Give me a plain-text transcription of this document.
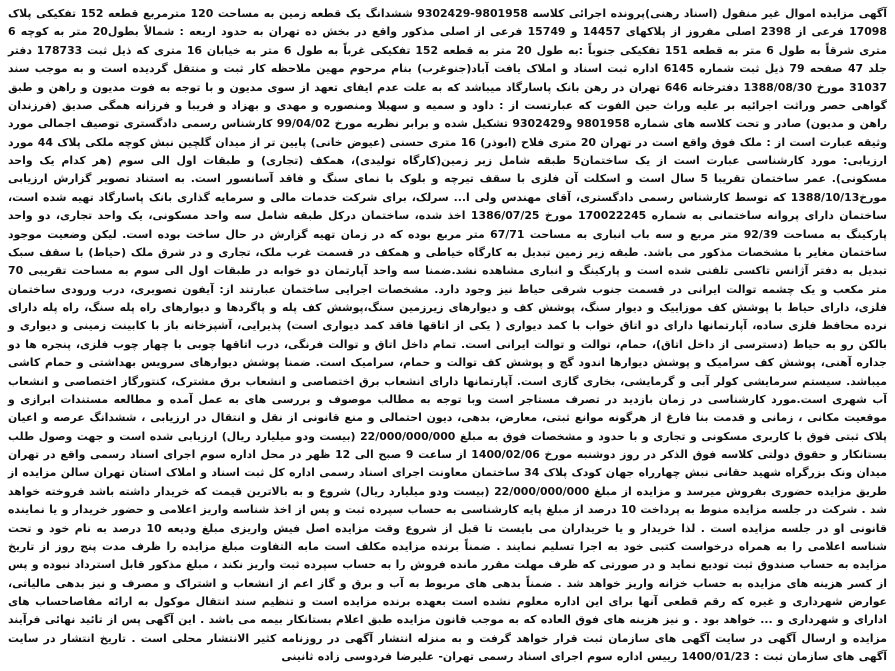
آگهی مزایده اموال غیر منقول (اسناد رهنی)پرونده اجرائی کلاسه 9801958-9302429 ششدانگ یک قطعه زمین به مساحت 120 مترمربع قطعه 152 تفکیکی پلاک 17098 فرعی از 2398 اصلی مفروز از پلاکهای 14457 و 15749 فرعی از اصلی مذکور واقع در بخش ده تهران به حدود اربعه : شمالاً بطول20 متر به کوچه 6 متری شرقاً به طول 6 متر به قطعه 151 تفکیکی جنوباً :به طول 20 متر به قطعه 152 تفکیکی غرباً به طول 6 متر به خیابان 16 متری که ذیل ثبت 178733 دفتر جلد 47 صفحه 79 ذیل ثبت شماره 6145 اداره ثبت اسناد و املاک یافت آباد(جنوغرب) بنام مرحوم مهین ملاحظه کار ثبت و منتقل گردیده است و به موجب سند 31037 مورخ 1388/08/30 دفترخانه 646 تهران در رهن بانک پاسارگاد میباشد که به علت عدم ایفای تعهد از سوی مدیون و با توجه به فوت مدیون و راهن و طبق گواهی حصر وراثت اجرائیه بر علیه وراث حین الفوت که عبارتست از : داود و سمیه و سهیلا ومنصوره و مهدی و بهزاد و فریبا و فرزانه همگی صدیق (فرزندان راهن و مدیون) صادر و تحت کلاسه های شماره 9801958 و9302429 تشکیل شده و برابر نظریه مورخ 99/04/02 کارشناس رسمی دادگستری توصیف اجمالی مورد وثیقه عبارت است از : ملک فوق واقع است در تهران 20 متری فلاح (ابوذر) 16 متری حسنی (عیوض خانی) پایین تر از میدان گلچین نبش کوچه ملکی پلاک 44 مورد ارزیابی: مورد کارشناسی عبارت است از یک ساختمان5 طبقه شامل زیر زمین(کارگاه تولیدی)، همکف (تجاری) و طبقات اول الی سوم (هر کدام یک واحد مسکونی). عمر ساختمان تقریبا 5 سال است و اسکلت آن فلزی با سقف تیرچه و بلوک با نمای سنگ و فاقد آسانسور است. به استناد تصویر گزارش ارزیابی مورخ1388/10/13 که توسط کارشناس رسمی دادگستری، آقای مهندس ولی ا... سرلک، برای شرکت خدمات مالی و سرمایه گذاری بانک پاسارگاد تهیه شده است، ساختمان دارای پروانه ساختمانی به شماره 170022245 مورخ 1386/07/25 اخذ شده، ساختمان درکل طبقه شامل سه واحد مسکونی، یک واحد تجاری، دو واحد پارکینگ به مساحت 92/39 متر مربع و سه باب انباری به مساحت 67/71 متر مربع بوده که در زمان تهیه گزارش در حال ساخت بوده است. لیکن وضعیت موجود ساختمان مغایر با مشخصات مذکور می باشد. طبقه زیر زمین تبدیل به کارگاه خیاطی و همکف در قسمت غرب ملک، تجاری و در شرق ملک (حیاط) با سقف سبک تبدیل به دفتر آژانس تاکسی تلفنی شده است و پارکینگ و انباری مشاهده نشد.ضمنا سه واحد آپارتمان دو خوابه در طبقات اول الی سوم به مساحت تقریبی 70 متر مکعب و یک چشمه توالت ایرانی در قسمت جنوب شرقی حیاط نیز وجود دارد. مشخصات اجرایی ساختمان عبارتند از: آیفون تصویری، درب ورودی ساختمان فلزی، دارای حیاط با پوشش کف موزاییک و دیوار سنگ، پوشش کف و دیوارهای زیرزمین سنگ،پوشش کف پله و پاگردها و دیوارهای راه پله سنگ، راه پله دارای نرده محافظ فلزی ساده، آپارتمانها دارای دو اتاق خواب با کمد دیواری ( یکی از اتاقها فاقد کمد دیواری است) پذیرایی، آشپزخانه باز با کابینت زمینی و دیواری و بالکن رو به حیاط (دسترسی از داخل اتاق)، حمام، توالت و توالت ایرانی است. تمام داخل اتاق و توالت فرنگی، درب اتاقها چوبی با چهار چوب فلزی، پنجره ها دو جداره آهنی، پوشش کف سرامیک و پوشش دیوارها اندود گچ و پوشش کف توالت و حمام، سرامیک است. ضمنا پوشش دیوارهای سرویس بهداشتی و حمام کاشی میباشد. سیستم سرمایشی کولر آبی و گرمایشی، بخاری گازی است. آپارتمانها دارای انشعاب برق اختصاصی و انشعاب برق مشترک، کنتورگاز اختصاصی و انشعاب آب شهری است.مورد کارشناسی در زمان بازدید در تصرف مستاجر است وبا توجه به مطالب موصوف و بررسی های به عمل آمده و مطالعه مستندات ابرازی و موقعیت مکانی ، زمانی و قدمت بنا فارغ از هرگونه موانع ثبتی، معارض، بدهی، دیون احتمالی و منع قانونی از نقل و انتقال در ارزیابی ، ششدانگ عرصه و اعیان پلاک ثبتی فوق با کاربری مسکونی و تجاری و با حدود و مشخصات فوق به مبلغ 22/000/000/000 (بیست ودو میلیارد ریال) ارزیابی شده است و جهت وصول طلب بستانکار و حقوق دولتی کلاسه فوق الذکر در روز دوشنبه مورخ 1400/02/06 از ساعت 9 صبح الی 12 ظهر در محل اداره سوم اجرای اسناد رسمی واقع در تهران میدان ونک بزرگراه شهید حقانی نبش چهارراه جهان کودک پلاک 34 ساختمان معاونت اجرای اسناد رسمی اداره کل ثبت اسناد و املاک استان تهران سالن مزایده از طریق مزایده حضوری بفروش میرسد و مزایده از مبلغ 22/000/000/000 (بیست ودو میلیارد ریال) شروع و به بالاترین قیمت که خریدار داشته باشد فروخته خواهد شد . شرکت در جلسه مزایده منوط به پرداخت 10 درصد از مبلغ پایه کارشناسی به حساب سپرده ثبت و پس از اخذ شناسه واریز اعلامی و حضور خریدار و یا نماینده قانونی او در جلسه مزایده است . لذا خریدار و یا خریداران می بایست تا قبل از شروع وقت مزایده اصل فیش واریزی مبلغ ودیعه 10 درصد به نام خود و تحت شناسه اعلامی را به همراه درخواست کتبی خود به اجرا تسلیم نمایند . ضمناً برنده مزایده مکلف است مابه التفاوت مبلغ مزایده را ظرف مدت پنج روز از تاریخ مزایده به حساب صندوق ثبت تودیع نماید و در صورتی که ظرف مهلت مقرر مانده فروش را به حساب سپرده ثبت واریز نکند ، مبلغ مذکور قابل استرداد نبوده و پس از کسر هزینه های مزایده به حساب خزانه واریز خواهد شد . ضمناً بدهی های مربوط به آب و برق و گاز اعم از انشعاب و اشتراک و مصرف و نیز بدهی مالیاتی، عوارض شهرداری و غیره که رقم قطعی آنها برای این اداره معلوم نشده است بعهده برنده مزایده است و تنظیم سند انتقال موکول به ارائه مفاصاحساب های ادارای و شهرداری و ... خواهد بود . و نیز هزینه های فوق العاده که به موجب قانون مزایده طبق اعلام بستانکار بیمه می باشد . این آگهی پس از تائید نهائی فرآیند مزایده و ارسال آگهی در سایت آگهی های سازمان ثبت قرار خواهد گرفت و به منزله انتشار آگهی در روزنامه کثیر الانتشار محلی است . تاریخ انتشار در سایت آگهی های سازمان ثبت : 1400/01/23 رییس اداره سوم اجرای اسناد رسمی تهران- علیرضا فردوسی زاده ثانینی
